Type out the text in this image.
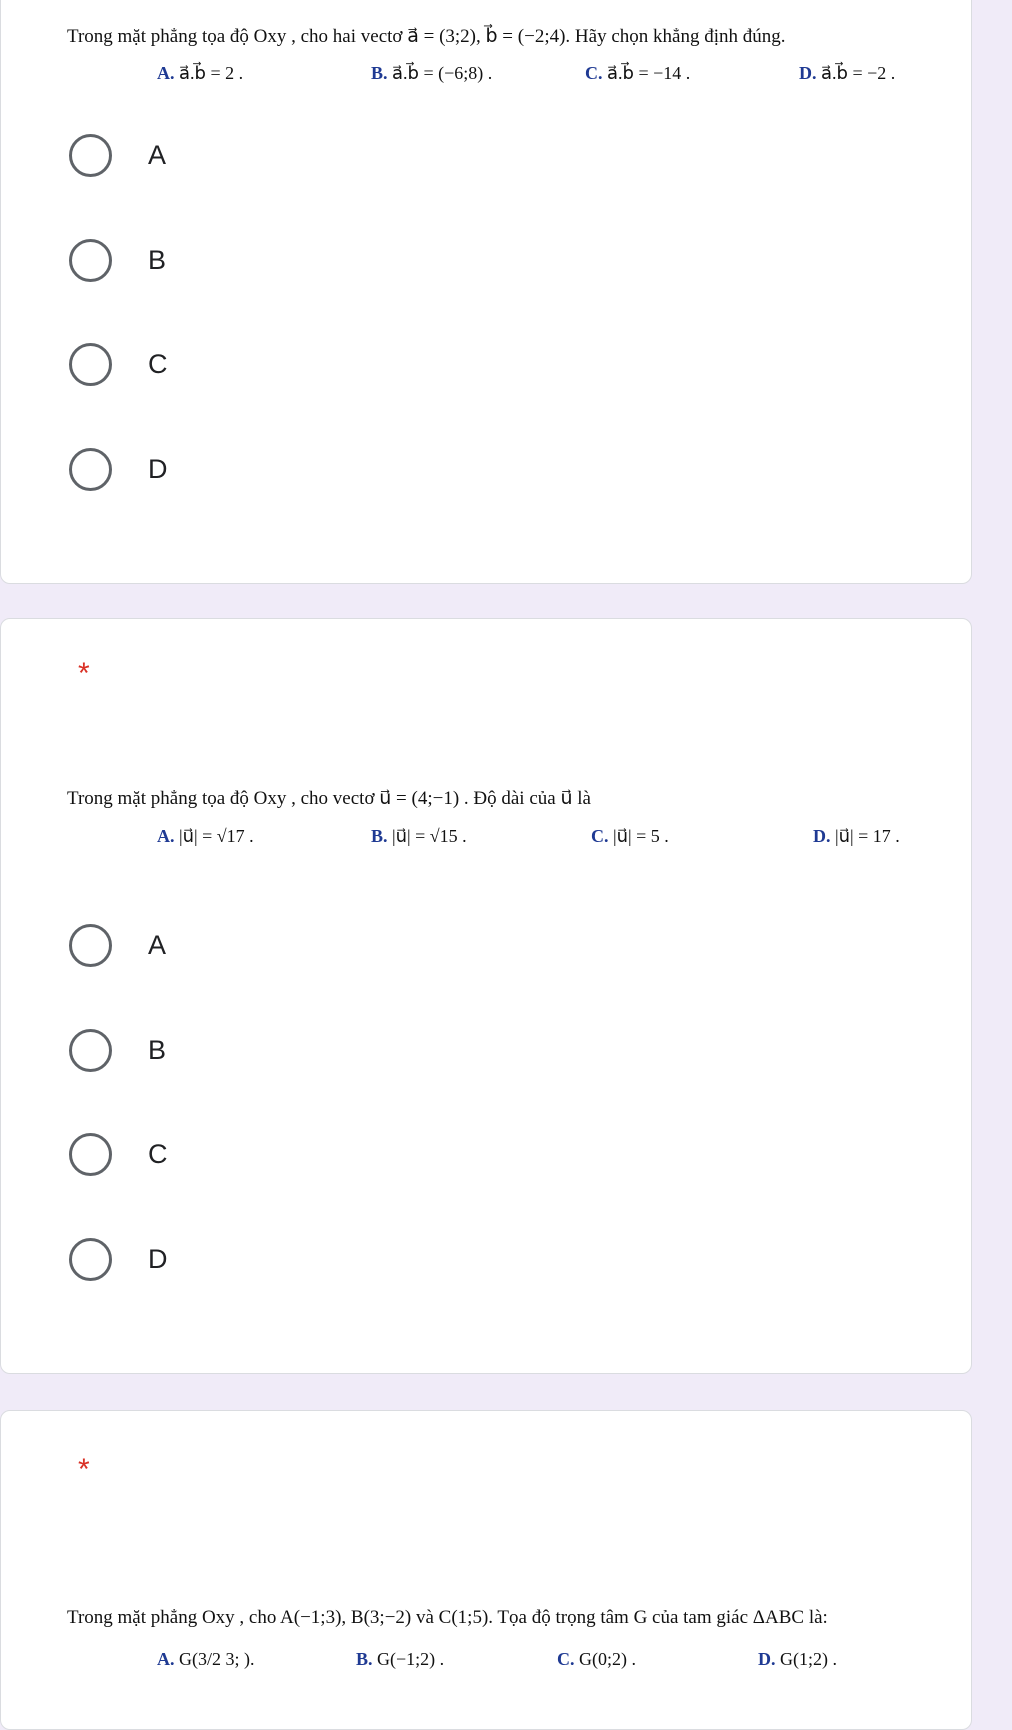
Trong mặt phẳng tọa độ Oxy , cho hai vectơ a⃗ = (3;2), b⃗ = (−2;4). Hãy chọn khẳng định đúng.
A. a⃗.b⃗ = 2 .	B. a⃗.b⃗ = (−6;8) .	C. a⃗.b⃗ = −14 .	D. a⃗.b⃗ = −2 .
A
B
C
D
*
Trong mặt phẳng tọa độ Oxy , cho vectơ u⃗ = (4;−1) . Độ dài của u⃗ là
A. |u⃗| = √17 .	B. |u⃗| = √15 .	C. |u⃗| = 5 .	D. |u⃗| = 17 .
A
B
C
D
*
Trong mặt phẳng Oxy , cho A(−1;3), B(3;−2) và C(1;5). Tọa độ trọng tâm G của tam giác ΔABC là:
A. G(3/2 3; ).	B. G(−1;2) .	C. G(0;2) .	D. G(1;2) .
